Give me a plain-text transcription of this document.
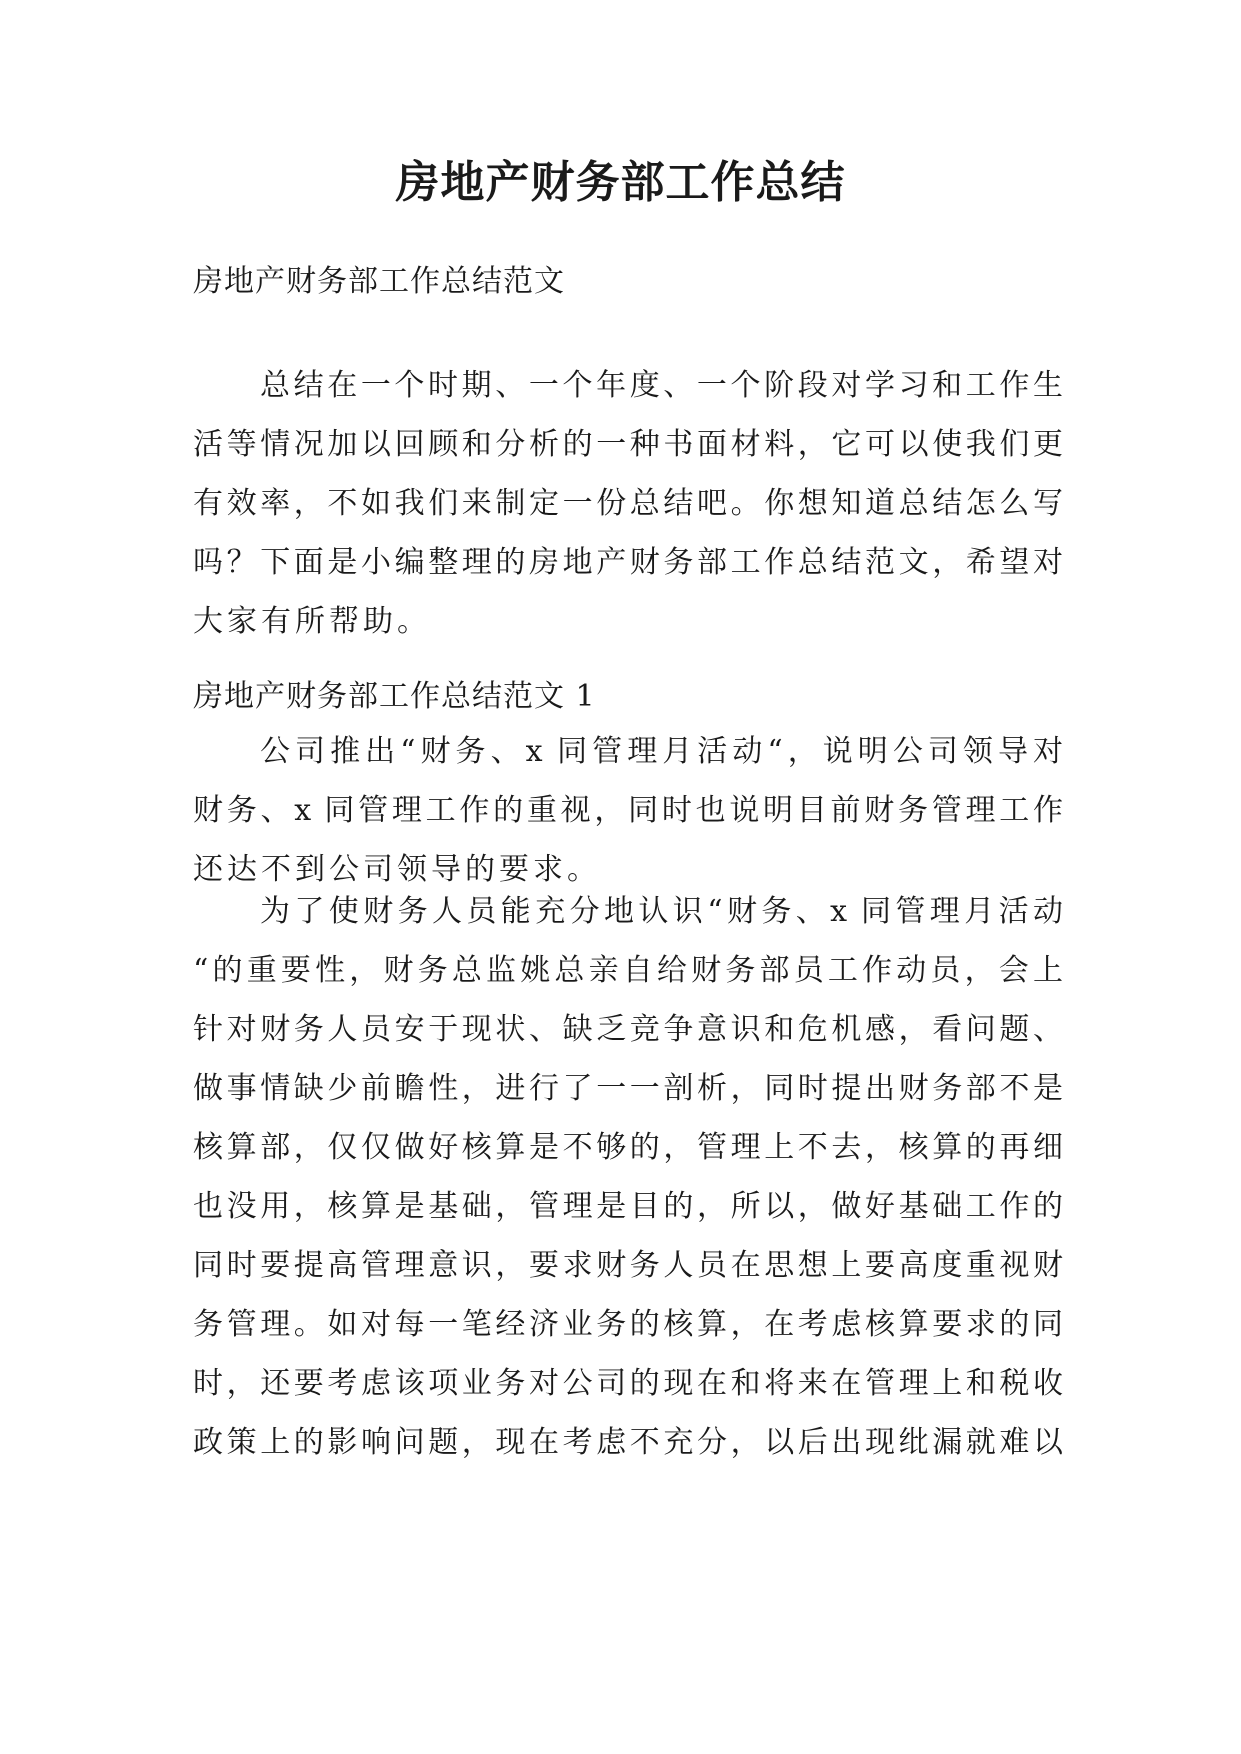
房地产财务部工作总结

房地产财务部工作总结范文

总结在一个时期、一个年度、一个阶段对学习和工作生
活等情况加以回顾和分析的一种书面材料，它可以使我们更
有效率，不如我们来制定一份总结吧。你想知道总结怎么写
吗？下面是小编整理的房地产财务部工作总结范文，希望对
大家有所帮助。

房地产财务部工作总结范文 1

公司推出“财务、x 同管理月活动“，说明公司领导对
财务、x 同管理工作的重视，同时也说明目前财务管理工作
还达不到公司领导的要求。
为了使财务人员能充分地认识“财务、x 同管理月活动
“的重要性，财务总监姚总亲自给财务部员工作动员，会上
针对财务人员安于现状、缺乏竞争意识和危机感，看问题、
做事情缺少前瞻性，进行了一一剖析，同时提出财务部不是
核算部，仅仅做好核算是不够的，管理上不去，核算的再细
也没用，核算是基础，管理是目的，所以，做好基础工作的
同时要提高管理意识，要求财务人员在思想上要高度重视财
务管理。如对每一笔经济业务的核算，在考虑核算要求的同
时，还要考虑该项业务对公司的现在和将来在管理上和税收
政策上的影响问题，现在考虑不充分，以后出现纰漏就难以
